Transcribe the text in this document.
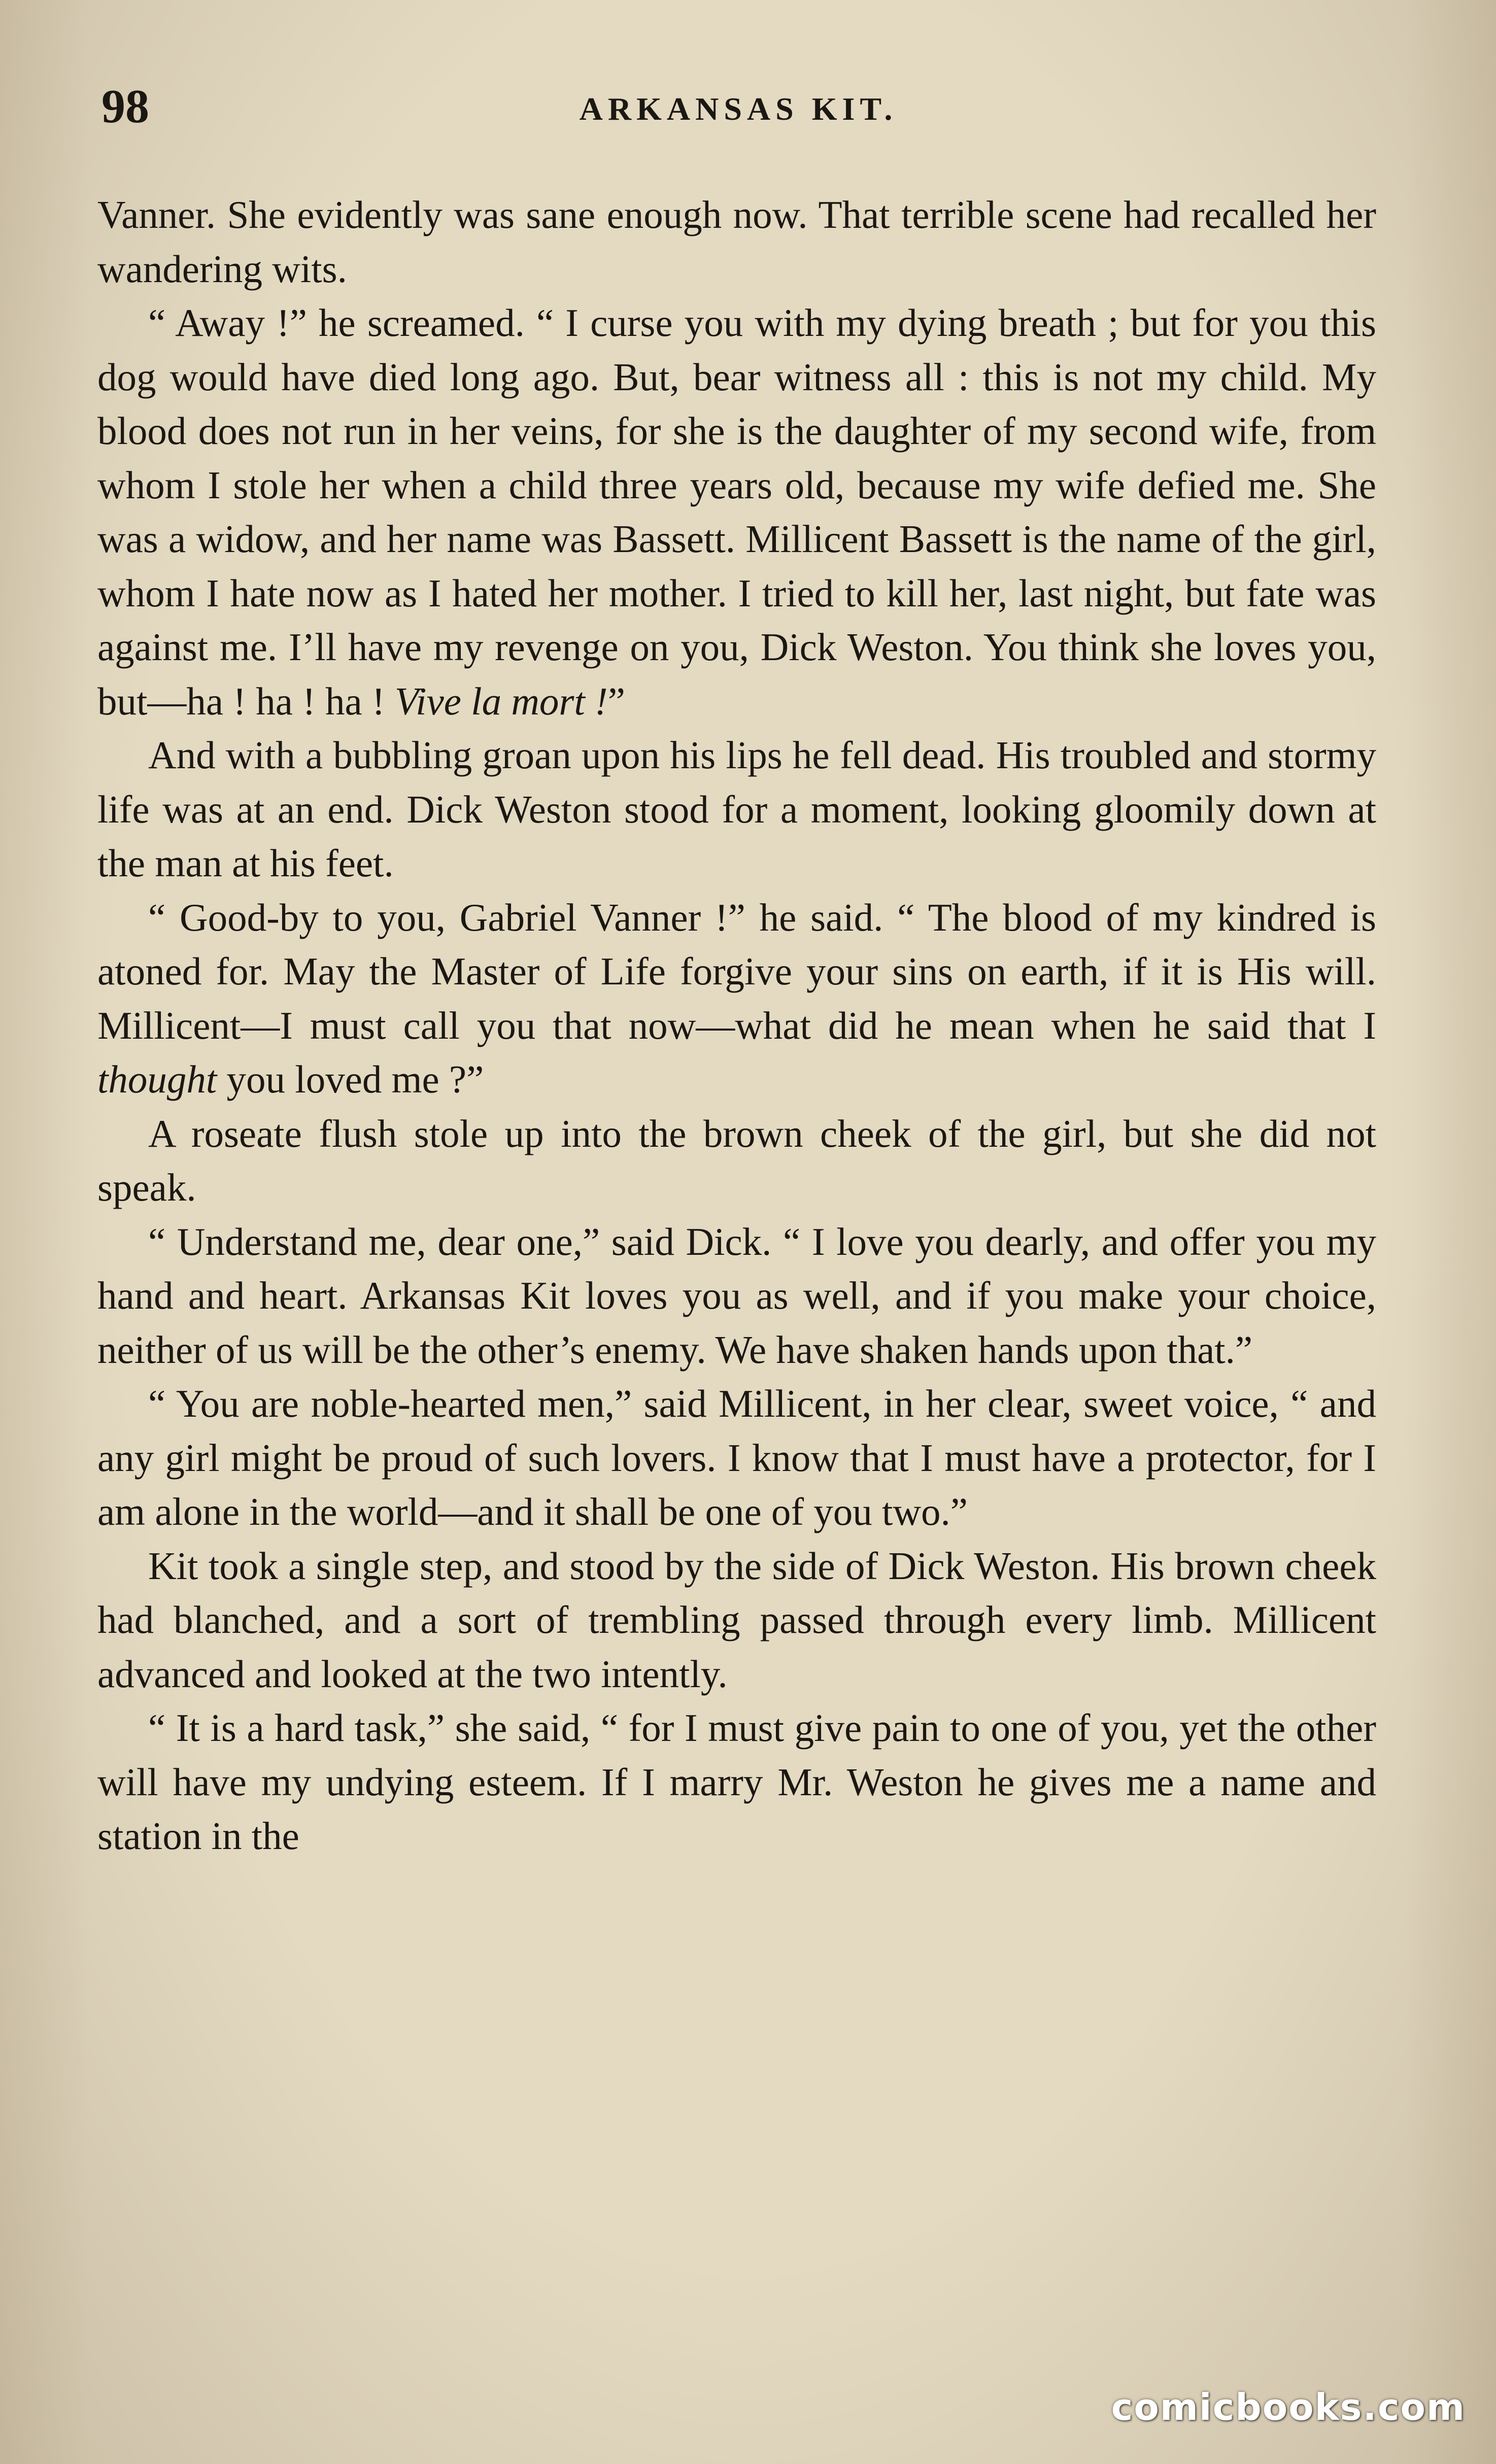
98	ARKANSAS KIT.

Vanner. She evidently was sane enough now. That terrible scene had recalled her wandering wits.

“ Away !” he screamed. “ I curse you with my dying breath ; but for you this dog would have died long ago. But, bear witness all : this is not my child. My blood does not run in her veins, for she is the daughter of my second wife, from whom I stole her when a child three years old, because my wife defied me. She was a widow, and her name was Bassett. Millicent Bassett is the name of the girl, whom I hate now as I hated her mother. I tried to kill her, last night, but fate was against me. I’ll have my revenge on you, Dick Weston. You think she loves you, but—ha ! ha ! ha ! Vive la mort !”

And with a bubbling groan upon his lips he fell dead. His troubled and stormy life was at an end. Dick Weston stood for a moment, looking gloomily down at the man at his feet.

“ Good-by to you, Gabriel Vanner !” he said. “ The blood of my kindred is atoned for. May the Master of Life forgive your sins on earth, if it is His will. Millicent—I must call you that now—what did he mean when he said that I thought you loved me ?”

A roseate flush stole up into the brown cheek of the girl, but she did not speak.

“ Understand me, dear one,” said Dick. “ I love you dearly, and offer you my hand and heart. Arkansas Kit loves you as well, and if you make your choice, neither of us will be the other’s enemy. We have shaken hands upon that.”

“ You are noble-hearted men,” said Millicent, in her clear, sweet voice, “ and any girl might be proud of such lovers. I know that I must have a protector, for I am alone in the world—and it shall be one of you two.”

Kit took a single step, and stood by the side of Dick Weston. His brown cheek had blanched, and a sort of trembling passed through every limb. Millicent advanced and looked at the two intently.

“ It is a hard task,” she said, “ for I must give pain to one of you, yet the other will have my undying esteem. If I marry Mr. Weston he gives me a name and station in the

comicbooks.com
